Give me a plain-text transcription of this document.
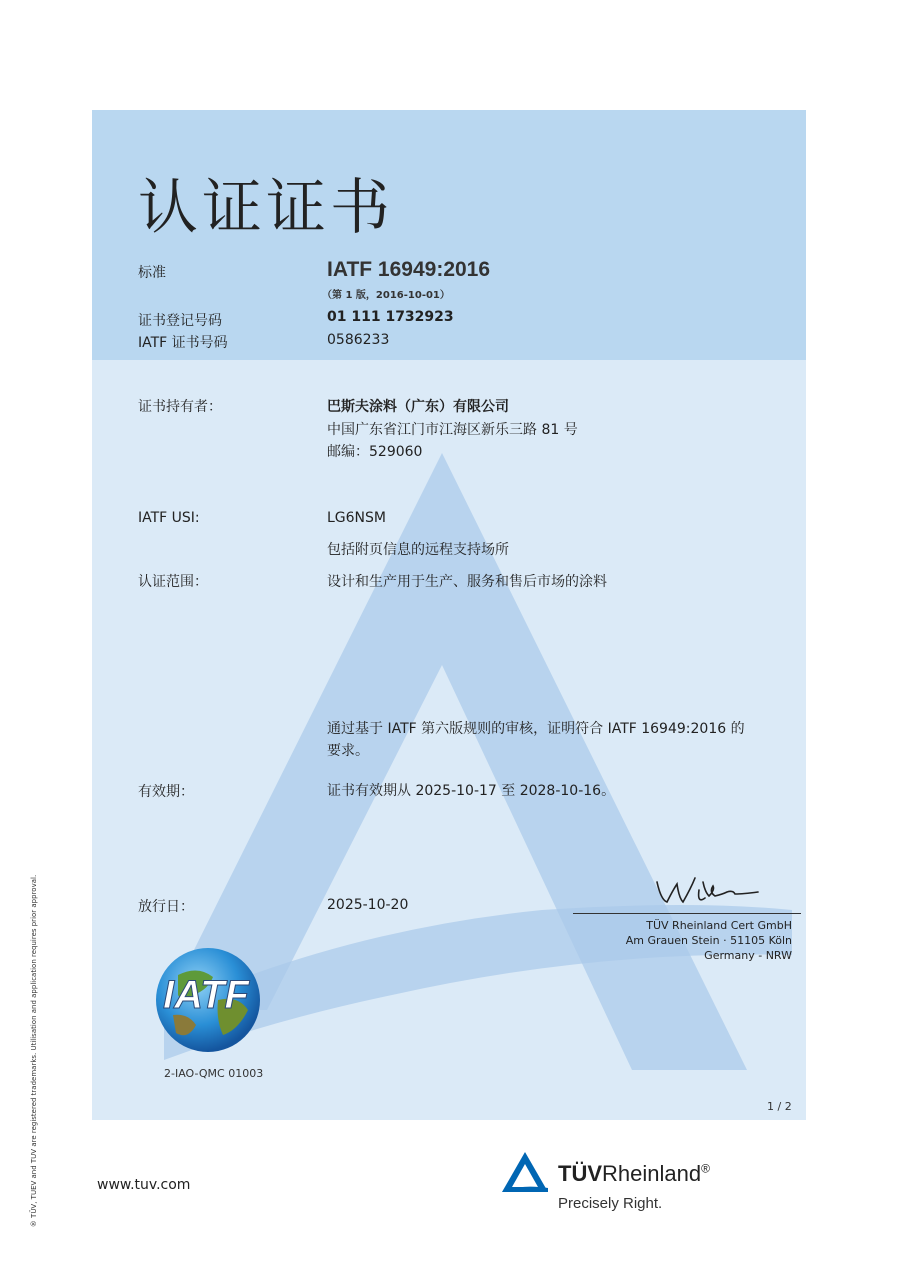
认证证书
标准	IATF 16949:2016
（第 1 版，2016-10-01）
证书登记号码	01 111 1732923
IATF 证书号码	0586233
证书持有者：	巴斯夫涂料（广东）有限公司
中国广东省江门市江海区新乐三路 81 号
邮编：529060
IATF USI:	LG6NSM
包括附页信息的远程支持场所
认证范围：	设计和生产用于生产、服务和售后市场的涂料
通过基于 IATF 第六版规则的审核，证明符合 IATF 16949:2016 的
要求。
有效期：	证书有效期从 2025-10-17 至 2028-10-16。
放行日：	2025-10-20
TÜV Rheinland Cert GmbH
Am Grauen Stein · 51105 Köln
Germany - NRW
IATF
2-IAO-QMC 01003
1 / 2
® TÜV, TUEV and TUV are registered trademarks. Utilisation and application requires prior approval.	www.tuv.com	TÜVRheinland®
Precisely Right.
